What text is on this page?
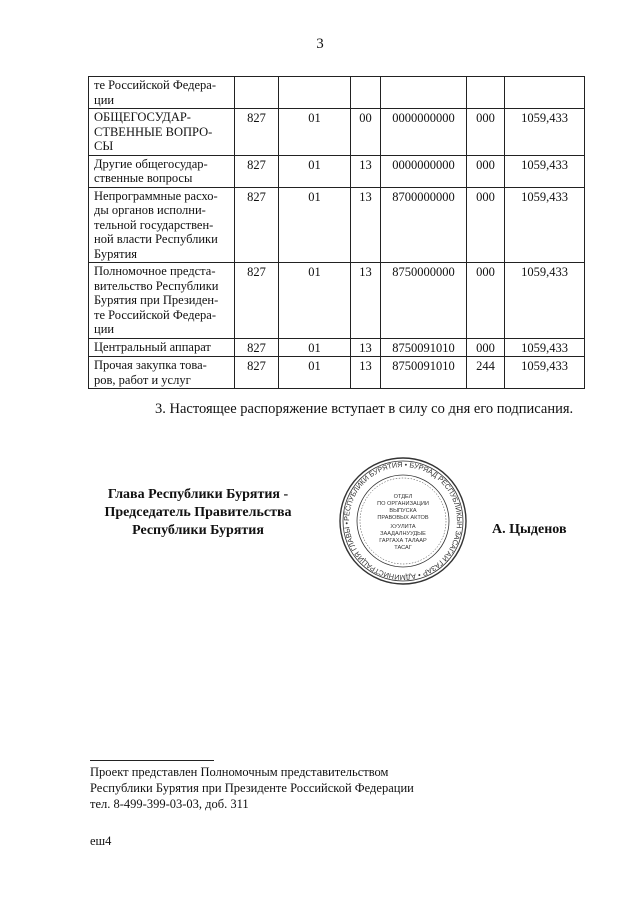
3
те Российской Федера-
ции						

ОБЩЕГОСУДАР-
СТВЕННЫЕ ВОПРО-
СЫ	827	01	00	0000000000	000	1059,433

Другие общегосудар-
ственные вопросы	827	01	13	0000000000	000	1059,433

Непрограммные расхо-
ды органов исполни-
тельной государствен-
ной власти Республики
Бурятия	827	01	13	8700000000	000	1059,433

Полномочное предста-
вительство Республики
Бурятия при Президен-
те Российской Федера-
ции	827	01	13	8750000000	000	1059,433

Центральный аппарат	827	01	13	8750091010	000	1059,433

Прочая закупка това-
ров, работ и услуг	827	01	13	8750091010	244	1059,433
3. Настоящее распоряжение вступает в силу со дня его подписания.
Глава Республики Бурятия -
Председатель Правительства
Республики Бурятия
РЕСПУБЛИКИ БУРЯТИЯ • БУРЯАД РЕСПУБЛИКЫН ЗАСАГАЙ ГАЗАР • АДМИНИСТРАЦИЯ ГЛАВЫ •
ОТДЕЛ
ПО ОРГАНИЗАЦИИ
ВЫПУСКА
ПРАВОВЫХ АКТОВ
ХУУЛИТА
ЗААДАЛНУУДЫЕ
ГАРГАХА ТАЛААР
ТАСАГ
А. Цыденов
Проект представлен Полномочным представительством
Республики Бурятия при Президенте Российской Федерации
тел. 8-499-399-03-03, доб. 311
еш4
